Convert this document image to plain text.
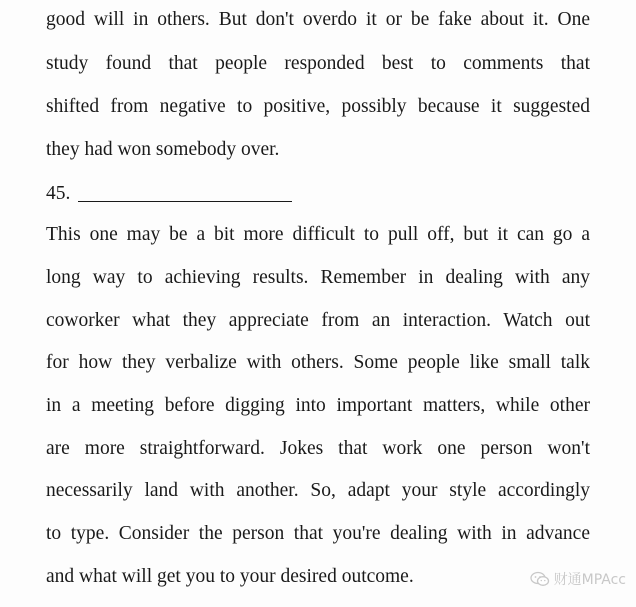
good will in others. But don't overdo it or be fake about it. One
study found that people responded best to comments that
shifted from negative to positive, possibly because it suggested
they had won somebody over.
45.
This one may be a bit more difficult to pull off, but it can go a
long way to achieving results. Remember in dealing with any
coworker what they appreciate from an interaction. Watch out
for how they verbalize with others. Some people like small talk
in a meeting before digging into important matters, while other
are more straightforward. Jokes that work one person won't
necessarily land with another. So, adapt your style accordingly
to type. Consider the person that you're dealing with in advance
and what will get you to your desired outcome.	财通MPAcc
